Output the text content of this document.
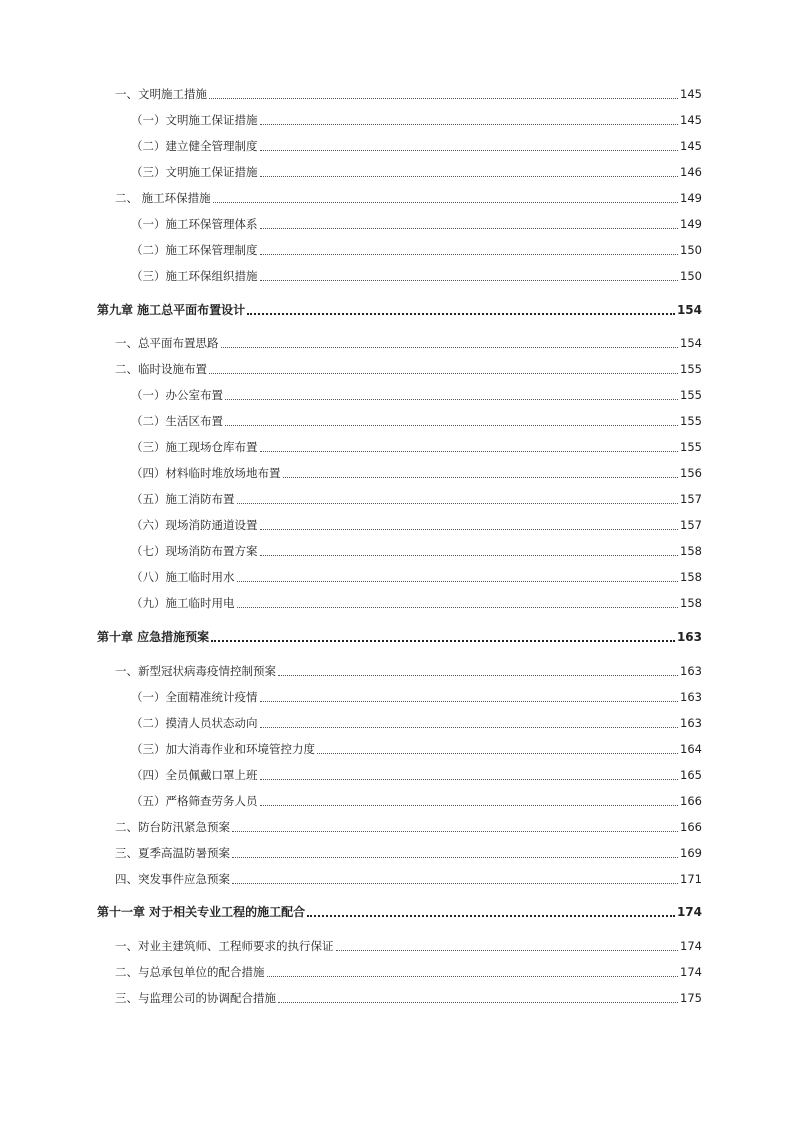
一、文明施工措施	145
（一）文明施工保证措施	145
（二）建立健全管理制度	145
（三）文明施工保证措施	146
二、 施工环保措施	149
（一）施工环保管理体系	149
（二）施工环保管理制度	150
（三）施工环保组织措施	150
第九章 施工总平面布置设计	154
一、总平面布置思路	154
二、临时设施布置	155
（一）办公室布置	155
（二）生活区布置	155
（三）施工现场仓库布置	155
（四）材料临时堆放场地布置	156
（五）施工消防布置	157
（六）现场消防通道设置	157
（七）现场消防布置方案	158
（八）施工临时用水	158
（九）施工临时用电	158
第十章 应急措施预案	163
一、新型冠状病毒疫情控制预案	163
（一）全面精准统计疫情	163
（二）摸清人员状态动向	163
（三）加大消毒作业和环境管控力度	164
（四）全员佩戴口罩上班	165
（五）严格筛查劳务人员	166
二、防台防汛紧急预案	166
三、夏季高温防暑预案	169
四、突发事件应急预案	171
第十一章 对于相关专业工程的施工配合	174
一、对业主建筑师、工程师要求的执行保证	174
二、与总承包单位的配合措施	174
三、与监理公司的协调配合措施	175
